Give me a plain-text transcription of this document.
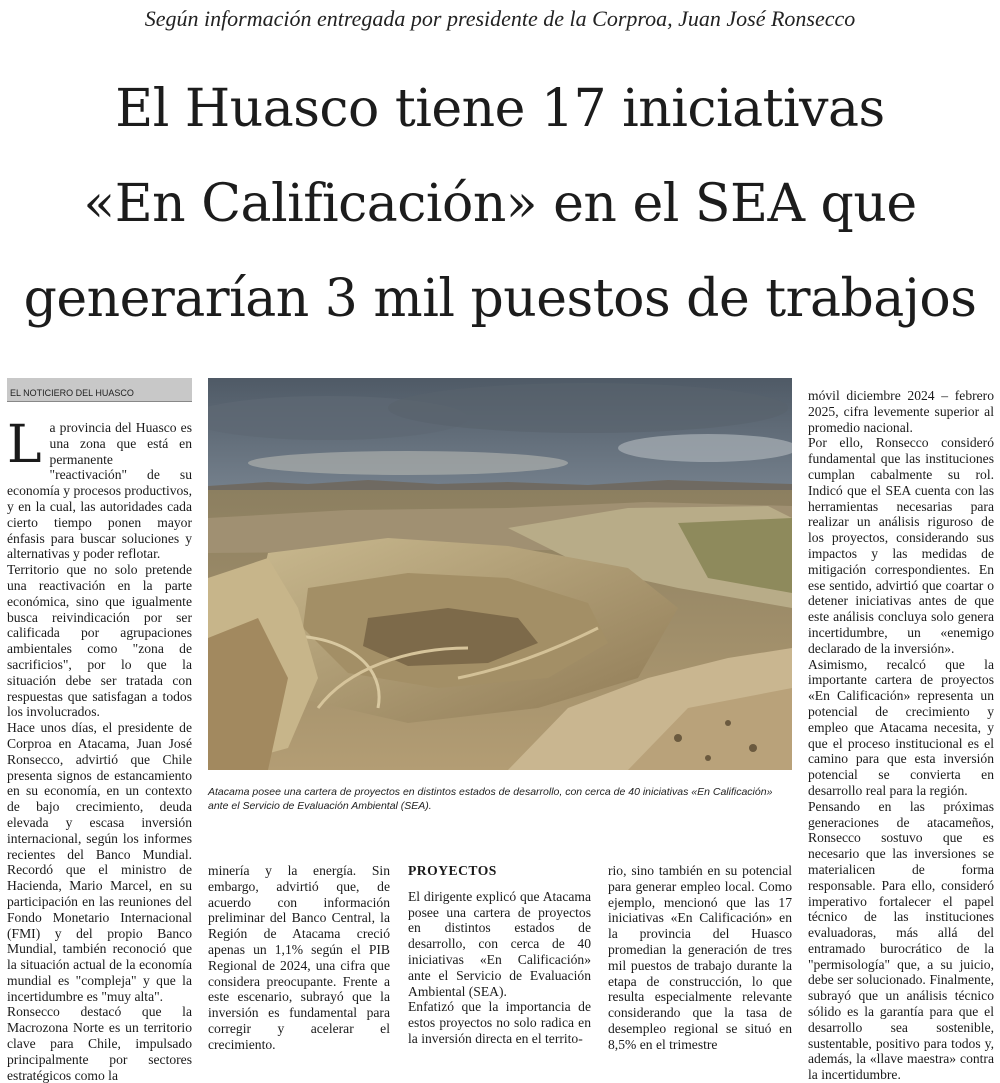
Según información entregada por presidente de la Corproa, Juan José Ronsecco
El Huasco tiene 17 iniciativas
«En Calificación» en el SEA que
generarían 3 mil puestos de trabajos
EL NOTICIERO DEL HUASCO

La provincia del Huasco es una zona que está en permanente "reactivación" de su economía y procesos productivos, y en la cual, las autoridades cada cierto tiempo ponen mayor énfasis para buscar soluciones y alternativas y poder reflotar.

Territorio que no solo pretende una reactivación en la parte económica, sino que igualmente busca reivindicación por ser calificada por agrupaciones ambientales como "zona de sacrificios", por lo que la situación debe ser tratada con respuestas que satisfagan a todos los involucrados.

Hace unos días, el presidente de Corproa en Atacama, Juan José Ronsecco, advirtió que Chile presenta signos de estancamiento en su economía, en un contexto de bajo crecimiento, deuda elevada y escasa inversión internacional, según los informes recientes del Banco Mundial. Recordó que el ministro de Hacienda, Mario Marcel, en su participación en las reuniones del Fondo Monetario Internacional (FMI) y del propio Banco Mundial, también reconoció que la situación actual de la economía mundial es "compleja" y que la incertidumbre es "muy alta".

Ronsecco destacó que la Macrozona Norte es un territorio clave para Chile, impulsado principalmente por sectores estratégicos como la

Atacama posee una cartera de proyectos en distintos estados de desarrollo, con cerca de 40 iniciativas «En Calificación» ante el Servicio de Evaluación Ambiental (SEA).

minería y la energía. Sin embargo, advirtió que, de acuerdo con información preliminar del Banco Central, la Región de Atacama creció apenas un 1,1% según el PIB Regional de 2024, una cifra que considera preocupante. Frente a este escenario, subrayó que la inversión es fundamental para corregir y acelerar el crecimiento.

PROYECTOS

El dirigente explicó que Atacama posee una cartera de proyectos en distintos estados de desarrollo, con cerca de 40 iniciativas «En Calificación» ante el Servicio de Evaluación Ambiental (SEA).

Enfatizó que la importancia de estos proyectos no solo radica en la inversión directa en el territo-

rio, sino también en su potencial para generar empleo local. Como ejemplo, mencionó que las 17 iniciativas «En Calificación» en la provincia del Huasco promedian la generación de tres mil puestos de trabajo durante la etapa de construcción, lo que resulta especialmente relevante considerando que la tasa de desempleo regional se situó en 8,5% en el trimestre

móvil diciembre 2024 – febrero 2025, cifra levemente superior al promedio nacional.

Por ello, Ronsecco consideró fundamental que las instituciones cumplan cabalmente su rol. Indicó que el SEA cuenta con las herramientas necesarias para realizar un análisis riguroso de los proyectos, considerando sus impactos y las medidas de mitigación correspondientes. En ese sentido, advirtió que coartar o detener iniciativas antes de que este análisis concluya solo genera incertidumbre, un «enemigo declarado de la inversión».

Asimismo, recalcó que la importante cartera de proyectos «En Calificación» representa un potencial de crecimiento y empleo que Atacama necesita, y que el proceso institucional es el camino para que esta inversión potencial se convierta en desarrollo real para la región.

Pensando en las próximas generaciones de atacameños, Ronsecco sostuvo que es necesario que las inversiones se materialicen de forma responsable. Para ello, consideró imperativo fortalecer el papel técnico de las instituciones evaluadoras, más allá del entramado burocrático de la "permisología" que, a su juicio, debe ser solucionado. Finalmente, subrayó que un análisis técnico sólido es la garantía para que el desarrollo sea sostenible, sustentable, positivo para todos y, además, la «llave maestra» contra la incertidumbre.
